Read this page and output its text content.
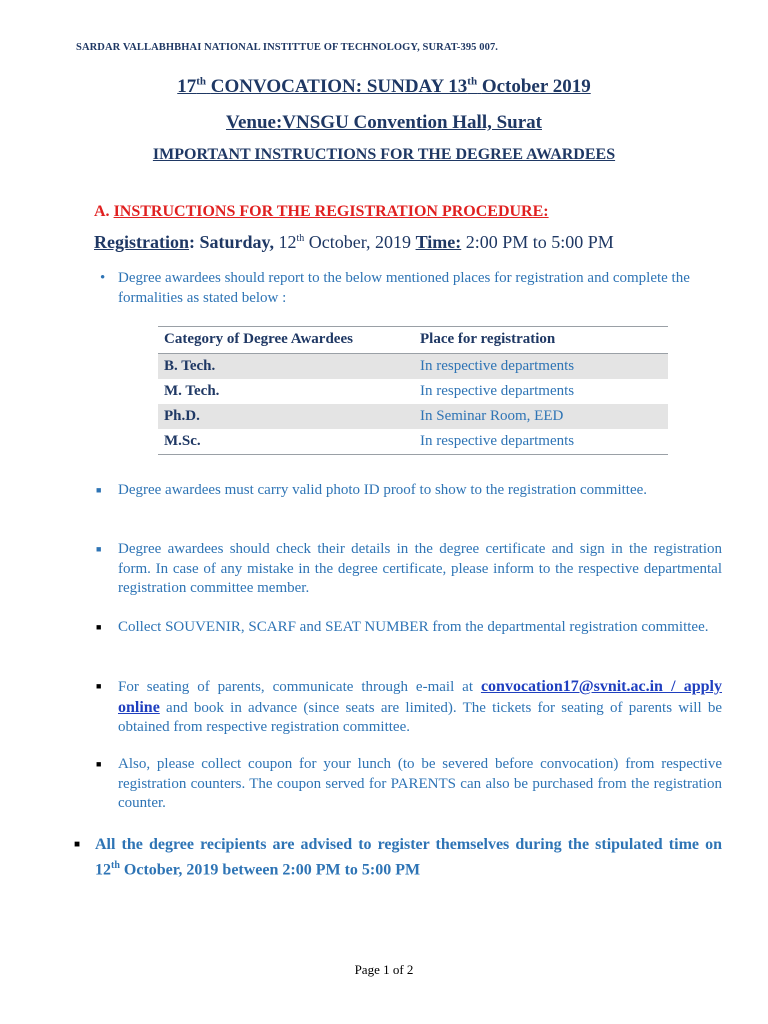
SARDAR VALLABHBHAI NATIONAL INSTITTUE OF TECHNOLOGY, SURAT-395 007.
17th CONVOCATION: SUNDAY 13th October 2019
Venue:VNSGU Convention Hall, Surat
IMPORTANT INSTRUCTIONS FOR THE DEGREE AWARDEES
A. INSTRUCTIONS FOR THE REGISTRATION PROCEDURE:
Registration: Saturday, 12th October, 2019 Time: 2:00 PM to 5:00 PM
• Degree awardees should report to the below mentioned places for registration and complete the formalities as stated below :
Category of Degree Awardees	Place for registration
B. Tech.	In respective departments
M. Tech.	In respective departments
Ph.D.	In Seminar Room, EED
M.Sc.	In respective departments
■ Degree awardees must carry valid photo ID proof to show to the registration committee.
■ Degree awardees should check their details in the degree certificate and sign in the registration form. In case of any mistake in the degree certificate, please inform to the respective departmental registration committee member.
■ Collect SOUVENIR, SCARF and SEAT NUMBER from the departmental registration committee.
■ For seating of parents, communicate through e-mail at convocation17@svnit.ac.in / apply online and book in advance (since seats are limited). The tickets for seating of parents will be obtained from respective registration committee.
■ Also, please collect coupon for your lunch (to be severed before convocation) from respective registration counters. The coupon served for PARENTS can also be purchased from the registration counter.
■ All the degree recipients are advised to register themselves during the stipulated time on 12th October, 2019 between 2:00 PM to 5:00 PM
Page 1 of 2
